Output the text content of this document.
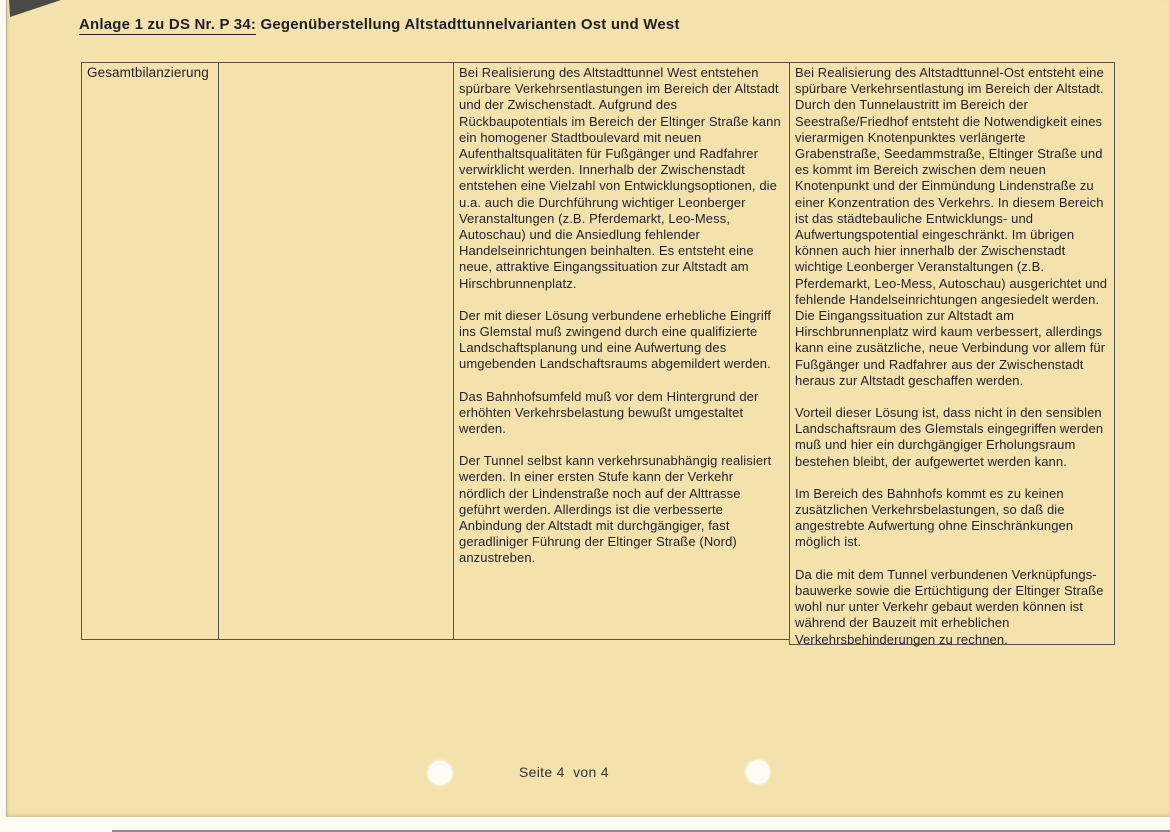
Anlage 1 zu DS Nr. P 34: Gegenüberstellung Altstadttunnelvarianten Ost und West
Gesamtbilanzierung	Bei Realisierung des Altstadttunnel West entstehen spürbare Verkehrsentlastungen im Bereich der Altstadt und der Zwischenstadt. Aufgrund des Rückbaupotentials im Bereich der Eltinger Straße kann ein homogener Stadtboulevard mit neuen Aufenthaltsqualitäten für Fußgänger und Radfahrer verwirklicht werden. Innerhalb der Zwischenstadt entstehen eine Vielzahl von Entwicklungsoptionen, die u.a. auch die Durchführung wichtiger Leonberger Veranstaltungen (z.B. Pferdemarkt, Leo-Mess, Autoschau) und die Ansiedlung fehlender Handelseinrichtungen beinhalten. Es entsteht eine neue, attraktive Eingangssituation zur Altstadt am Hirschbrunnenplatz.

Der mit dieser Lösung verbundene erhebliche Eingriff ins Glemstal muß zwingend durch eine qualifizierte Landschaftsplanung und eine Aufwertung des umgebenden Landschaftsraums abgemildert werden.

Das Bahnhofsumfeld muß vor dem Hintergrund der erhöhten Verkehrsbelastung bewußt umgestaltet werden.

Der Tunnel selbst kann verkehrsunabhängig realisiert werden. In einer ersten Stufe kann der Verkehr nördlich der Lindenstraße noch auf der Alttrasse geführt werden. Allerdings ist die verbesserte Anbindung der Altstadt mit durchgängiger, fast geradliniger Führung der Eltinger Straße (Nord) anzustreben.

Bei Realisierung des Altstadttunnel-Ost entsteht eine spürbare Verkehrsentlastung im Bereich der Altstadt. Durch den Tunnelaustritt im Bereich der Seestraße/Friedhof entsteht die Notwendigkeit eines vierarmigen Knotenpunktes verlängerte Grabenstraße, Seedammstraße, Eltinger Straße und es kommt im Bereich zwischen dem neuen Knotenpunkt und der Einmündung Lindenstraße zu einer Konzentration des Verkehrs. In diesem Bereich ist das städtebauliche Entwicklungs- und Aufwertungspotential eingeschränkt. Im übrigen können auch hier innerhalb der Zwischenstadt wichtige Leonberger Veranstaltungen (z.B. Pferdemarkt, Leo-Mess, Autoschau) ausgerichtet und fehlende Handelseinrichtungen angesiedelt werden. Die Eingangssituation zur Altstadt am Hirschbrunnenplatz wird kaum verbessert, allerdings kann eine zusätzliche, neue Verbindung vor allem für Fußgänger und Radfahrer aus der Zwischenstadt heraus zur Altstadt geschaffen werden.

Vorteil dieser Lösung ist, dass nicht in den sensiblen Landschaftsraum des Glemstals eingegriffen werden muß und hier ein durchgängiger Erholungsraum bestehen bleibt, der aufgewertet werden kann.

Im Bereich des Bahnhofs kommt es zu keinen zusätzlichen Verkehrsbelastungen, so daß die angestrebte Aufwertung ohne Einschränkungen möglich ist.

Da die mit dem Tunnel verbundenen Verknüpfungs-bauwerke sowie die Ertüchtigung der Eltinger Straße wohl nur unter Verkehr gebaut werden können ist während der Bauzeit mit erheblichen Verkehrsbehinderungen zu rechnen.

Seite 4  von 4
